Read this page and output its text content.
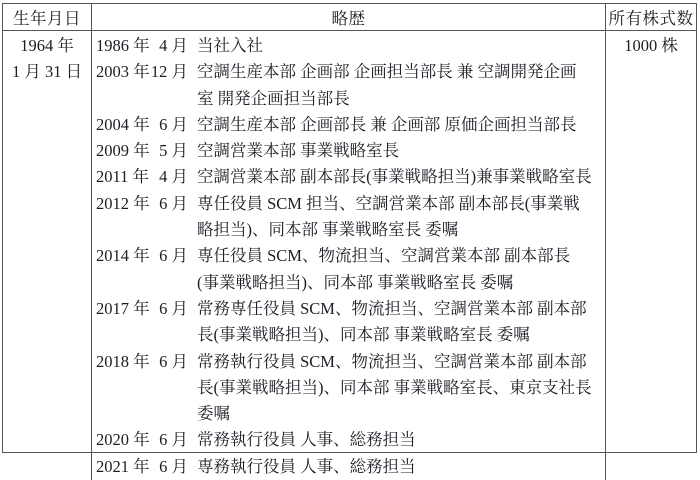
生年月日	略歴	所有株式数
1964 年
1 月 31 日
1986 年 4 月 当社入社
2003 年 12 月 空調生産本部 企画部 企画担当部長 兼 空調開発企画室 開発企画担当部長
2004 年 6 月 空調生産本部 企画部長 兼 企画部 原価企画担当部長
2009 年 5 月 空調営業本部 事業戦略室長
2011 年 4 月 空調営業本部 副本部長(事業戦略担当)兼事業戦略室長
2012 年 6 月 専任役員 SCM 担当、空調営業本部 副本部長(事業戦略担当)、同本部 事業戦略室長 委嘱
2014 年 6 月 専任役員 SCM、物流担当、空調営業本部 副本部長(事業戦略担当)、同本部 事業戦略室長 委嘱
2017 年 6 月 常務専任役員 SCM、物流担当、空調営業本部 副本部長(事業戦略担当)、同本部 事業戦略室長 委嘱
2018 年 6 月 常務執行役員 SCM、物流担当、空調営業本部 副本部長(事業戦略担当)、同本部 事業戦略室長、東京支社長委嘱
2020 年 6 月 常務執行役員 人事、総務担当
2021 年 6 月 専務執行役員 人事、総務担当
1000 株
